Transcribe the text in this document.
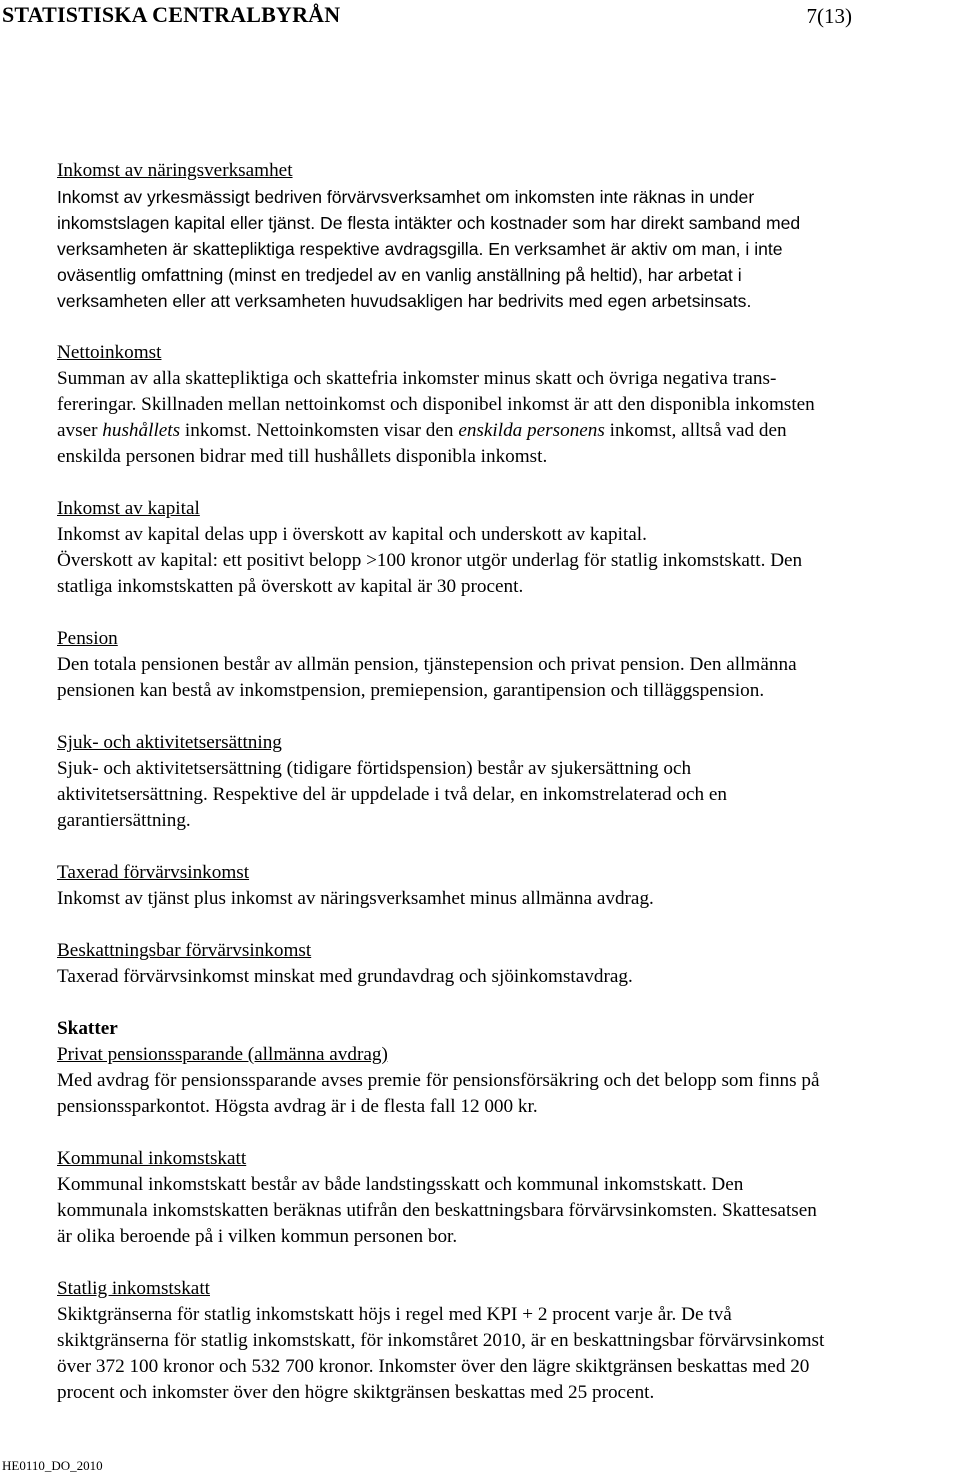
STATISTISKA CENTRALBYRÅN	7(13)

Inkomst av näringsverksamhet

Inkomst av yrkesmässigt bedriven förvärvsverksamhet om inkomsten inte räknas in under

inkomstslagen kapital eller tjänst. De flesta intäkter och kostnader som har direkt samband med

verksamheten är skattepliktiga respektive avdragsgilla. En verksamhet är aktiv om man, i inte

oväsentlig omfattning (minst en tredjedel av en vanlig anställning på heltid), har arbetat i

verksamheten eller att verksamheten huvudsakligen har bedrivits med egen arbetsinsats.

Nettoinkomst

Summan av alla skattepliktiga och skattefria inkomster minus skatt och övriga negativa trans-

fereringar. Skillnaden mellan nettoinkomst och disponibel inkomst är att den disponibla inkomsten

avser hushållets inkomst. Nettoinkomsten visar den enskilda personens inkomst, alltså vad den

enskilda personen bidrar med till hushållets disponibla inkomst.

Inkomst av kapital

Inkomst av kapital delas upp i överskott av kapital och underskott av kapital.

Överskott av kapital: ett positivt belopp >100 kronor utgör underlag för statlig inkomstskatt. Den

statliga inkomstskatten på överskott av kapital är 30 procent.

Pension

Den totala pensionen består av allmän pension, tjänstepension och privat pension. Den allmänna

pensionen kan bestå av inkomstpension, premiepension, garantipension och tilläggspension.

Sjuk- och aktivitetsersättning

Sjuk- och aktivitetsersättning (tidigare förtidspension) består av sjukersättning och

aktivitetsersättning. Respektive del är uppdelade i två delar, en inkomstrelaterad och en

garantiersättning.

Taxerad förvärvsinkomst

Inkomst av tjänst plus inkomst av näringsverksamhet minus allmänna avdrag.

Beskattningsbar förvärvsinkomst

Taxerad förvärvsinkomst minskat med grundavdrag och sjöinkomstavdrag.

Skatter

Privat pensionssparande (allmänna avdrag)

Med avdrag för pensionssparande avses premie för pensionsförsäkring och det belopp som finns på

pensionssparkontot. Högsta avdrag är i de flesta fall 12 000 kr.

Kommunal inkomstskatt

Kommunal inkomstskatt består av både landstingsskatt och kommunal inkomstskatt. Den

kommunala inkomstskatten beräknas utifrån den beskattningsbara förvärvsinkomsten. Skattesatsen

är olika beroende på i vilken kommun personen bor.

Statlig inkomstskatt

Skiktgränserna för statlig inkomstskatt höjs i regel med KPI + 2 procent varje år. De två

skiktgränserna för statlig inkomstskatt, för inkomståret 2010, är en beskattningsbar förvärvsinkomst

över 372 100 kronor och 532 700 kronor. Inkomster över den lägre skiktgränsen beskattas med 20

procent och inkomster över den högre skiktgränsen beskattas med 25 procent.

HE0110_DO_2010
